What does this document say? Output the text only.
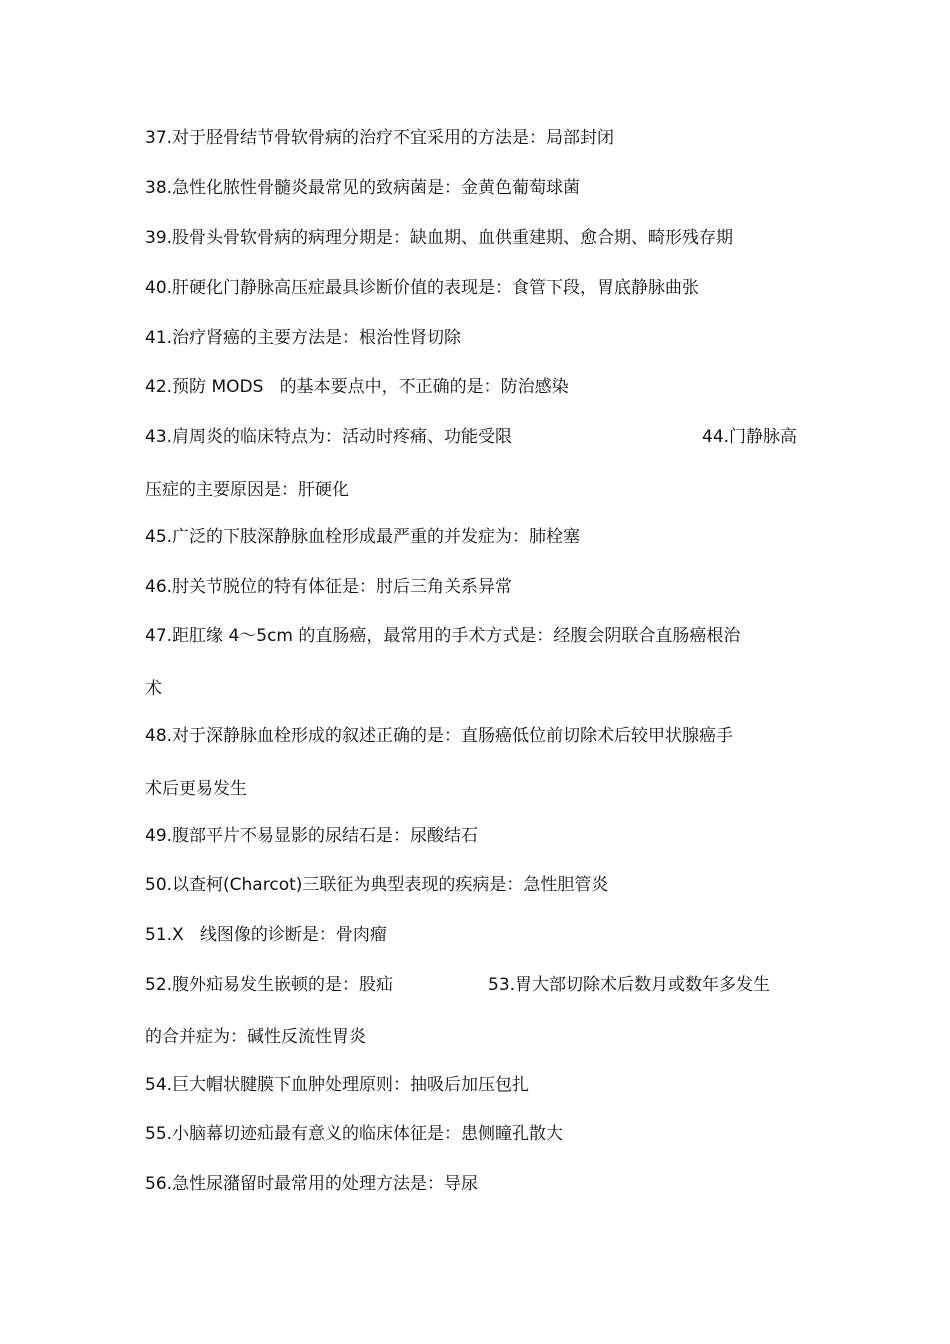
37.对于胫骨结节骨软骨病的治疗不宜采用的方法是：局部封闭
38.急性化脓性骨髓炎最常见的致病菌是：金黄色葡萄球菌
39.股骨头骨软骨病的病理分期是：缺血期、血供重建期、愈合期、畸形残存期
40.肝硬化门静脉高压症最具诊断价值的表现是：食管下段，胃底静脉曲张
41.治疗肾癌的主要方法是：根治性肾切除
42.预防 MODS   的基本要点中，不正确的是：防治感染
43.肩周炎的临床特点为：活动时疼痛、功能受限	44.门静脉高
压症的主要原因是：肝硬化
45.广泛的下肢深静脉血栓形成最严重的并发症为：肺栓塞
46.肘关节脱位的特有体征是：肘后三角关系异常
47.距肛缘 4～5cm 的直肠癌，最常用的手术方式是：经腹会阴联合直肠癌根治
术
48.对于深静脉血栓形成的叙述正确的是：直肠癌低位前切除术后较甲状腺癌手
术后更易发生
49.腹部平片不易显影的尿结石是：尿酸结石
50.以查柯(Charcot)三联征为典型表现的疾病是：急性胆管炎
51.X   线图像的诊断是：骨肉瘤
52.腹外疝易发生嵌顿的是：股疝	53.胃大部切除术后数月或数年多发生
的合并症为：碱性反流性胃炎
54.巨大帽状腱膜下血肿处理原则：抽吸后加压包扎
55.小脑幕切迹疝最有意义的临床体征是：患侧瞳孔散大
56.急性尿潴留时最常用的处理方法是：导尿
